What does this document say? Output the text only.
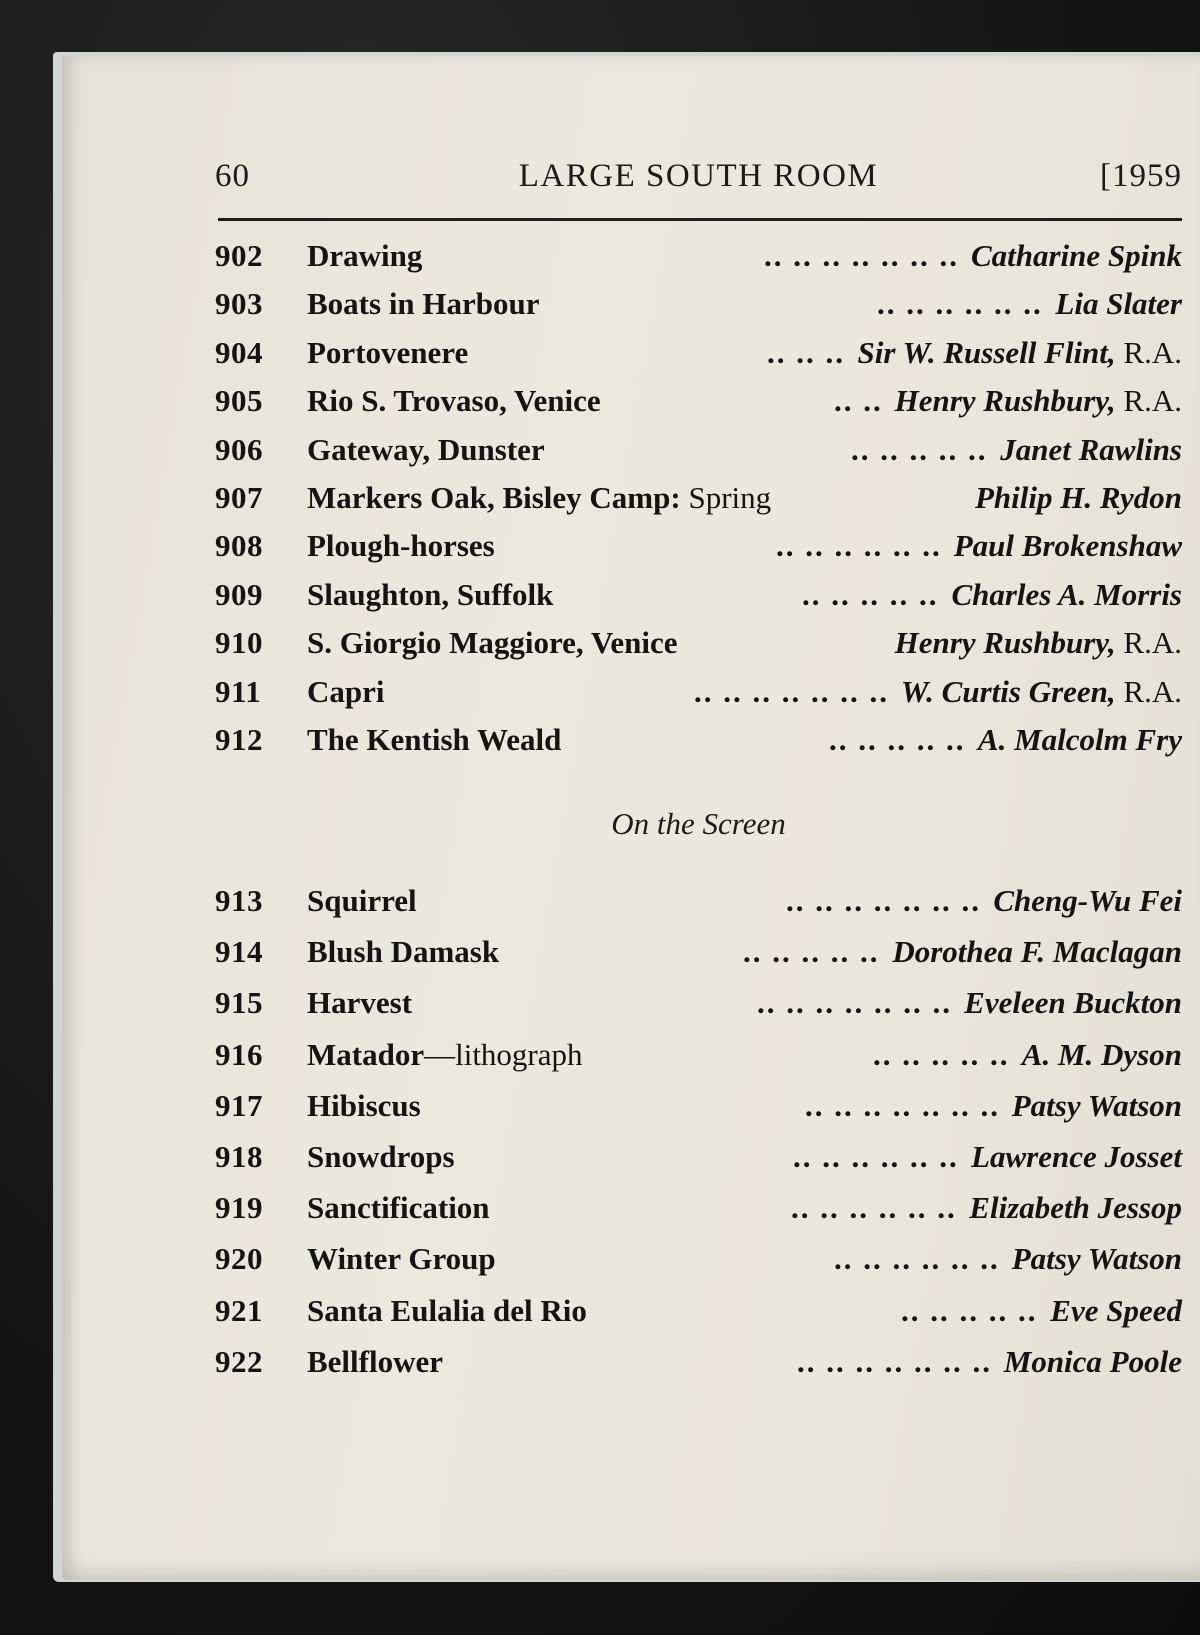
60	LARGE SOUTH ROOM	[1959
902 Drawing	Catharine Spink
.. .. .. .. .. .. ..
903 Boats in Harbour	Lia Slater
.. .. .. .. .. ..
904 Portovenere	Sir W. Russell Flint, R.A.
.. .. ..
905 Rio S. Trovaso, Venice	Henry Rushbury, R.A.
.. ..
906 Gateway, Dunster	Janet Rawlins
.. .. .. .. ..
907 Markers Oak, Bisley Camp: Spring	Philip H. Rydon
908 Plough-horses	Paul Brokenshaw
.. .. .. .. .. ..
909 Slaughton, Suffolk	Charles A. Morris
.. .. .. .. ..
910 S. Giorgio Maggiore, Venice	Henry Rushbury, R.A.
911 Capri	W. Curtis Green, R.A.
.. .. .. .. .. .. ..
912 The Kentish Weald	A. Malcolm Fry
.. .. .. .. ..
On the Screen
913 Squirrel	Cheng-Wu Fei
.. .. .. .. .. .. ..
914 Blush Damask	Dorothea F. Maclagan
.. .. .. .. ..
915 Harvest	Eveleen Buckton
.. .. .. .. .. .. ..
916 Matador—lithograph	A. M. Dyson
.. .. .. .. ..
917 Hibiscus	Patsy Watson
.. .. .. .. .. .. ..
918 Snowdrops	Lawrence Josset
.. .. .. .. .. ..
919 Sanctification	Elizabeth Jessop
.. .. .. .. .. ..
920 Winter Group	Patsy Watson
.. .. .. .. .. ..
921 Santa Eulalia del Rio	Eve Speed
.. .. .. .. ..
922 Bellflower	Monica Poole
.. .. .. .. .. .. ..
